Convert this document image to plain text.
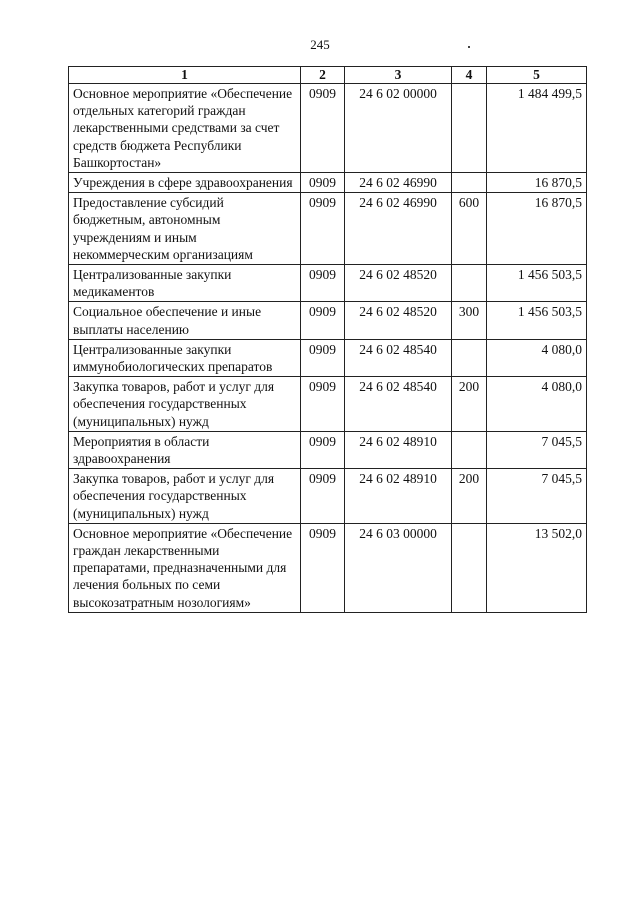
245
1	2	3	4	5
Основное мероприятие «Обеспечение отдельных категорий граждан лекарственными средствами за счет средств бюджета Республики Башкортостан»	0909	24 6 02 00000		1 484 499,5
Учреждения в сфере здравоохранения	0909	24 6 02 46990		16 870,5
Предоставление субсидий бюджетным, автономным учреждениям и иным некоммерческим организациям	0909	24 6 02 46990	600	16 870,5
Централизованные закупки медикаментов	0909	24 6 02 48520		1 456 503,5
Социальное обеспечение и иные выплаты населению	0909	24 6 02 48520	300	1 456 503,5
Централизованные закупки иммунобиологических препаратов	0909	24 6 02 48540		4 080,0
Закупка товаров, работ и услуг для обеспечения государственных (муниципальных) нужд	0909	24 6 02 48540	200	4 080,0
Мероприятия в области здравоохранения	0909	24 6 02 48910		7 045,5
Закупка товаров, работ и услуг для обеспечения государственных (муниципальных) нужд	0909	24 6 02 48910	200	7 045,5
Основное мероприятие «Обеспечение граждан лекарственными препаратами, предназначенными для лечения больных по семи высокозатратным нозологиям»	0909	24 6 03 00000		13 502,0
